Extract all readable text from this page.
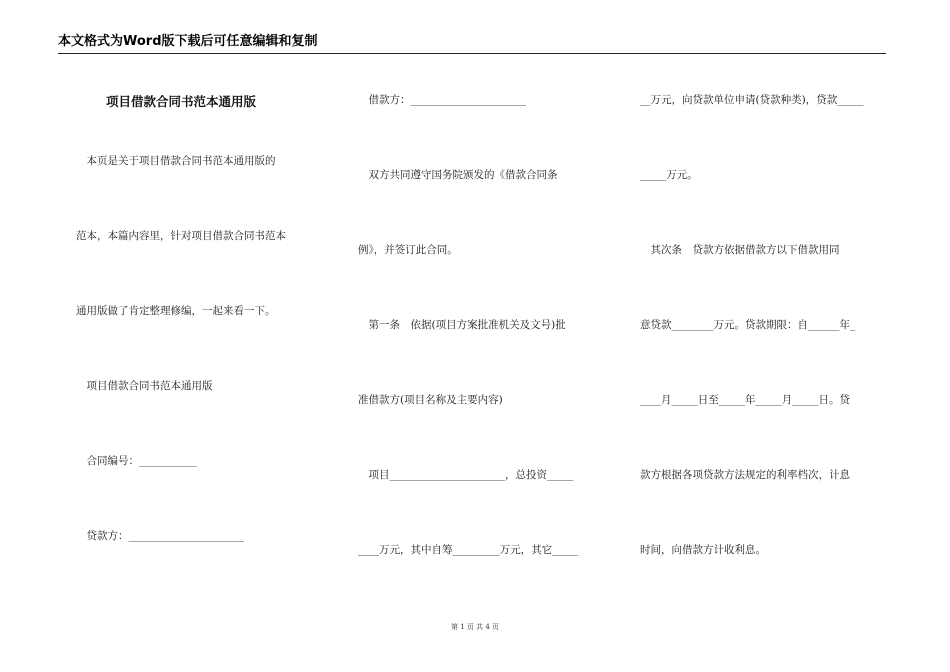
本文格式为Word版下载后可任意编辑和复制
项目借款合同书范本通用版
　本页是关于项目借款合同书范本通用版的
范本，本篇内容里，针对项目借款合同书范本
通用版做了肯定整理修编，一起来看一下。
　项目借款合同书范本通用版
　合同编号：___________
　贷款方：______________________
　借款方：______________________
　双方共同遵守国务院颁发的《借款合同条
例》，并签订此合同。
　第一条　依据(项目方案批准机关及文号)批
准借款方(项目名称及主要内容)
　项目______________________，总投资_____
____万元，其中自筹_________万元，其它_____
__万元，向贷款单位申请(贷款种类)，贷款_____
_____万元。
　其次条　贷款方依据借款方以下借款用同
意贷款________万元。贷款期限：自______年_
____月_____日至_____年_____月_____日。贷
款方根据各项贷款方法规定的利率档次，计息
时间，向借款方计收利息。
第 1 页 共 4 页
